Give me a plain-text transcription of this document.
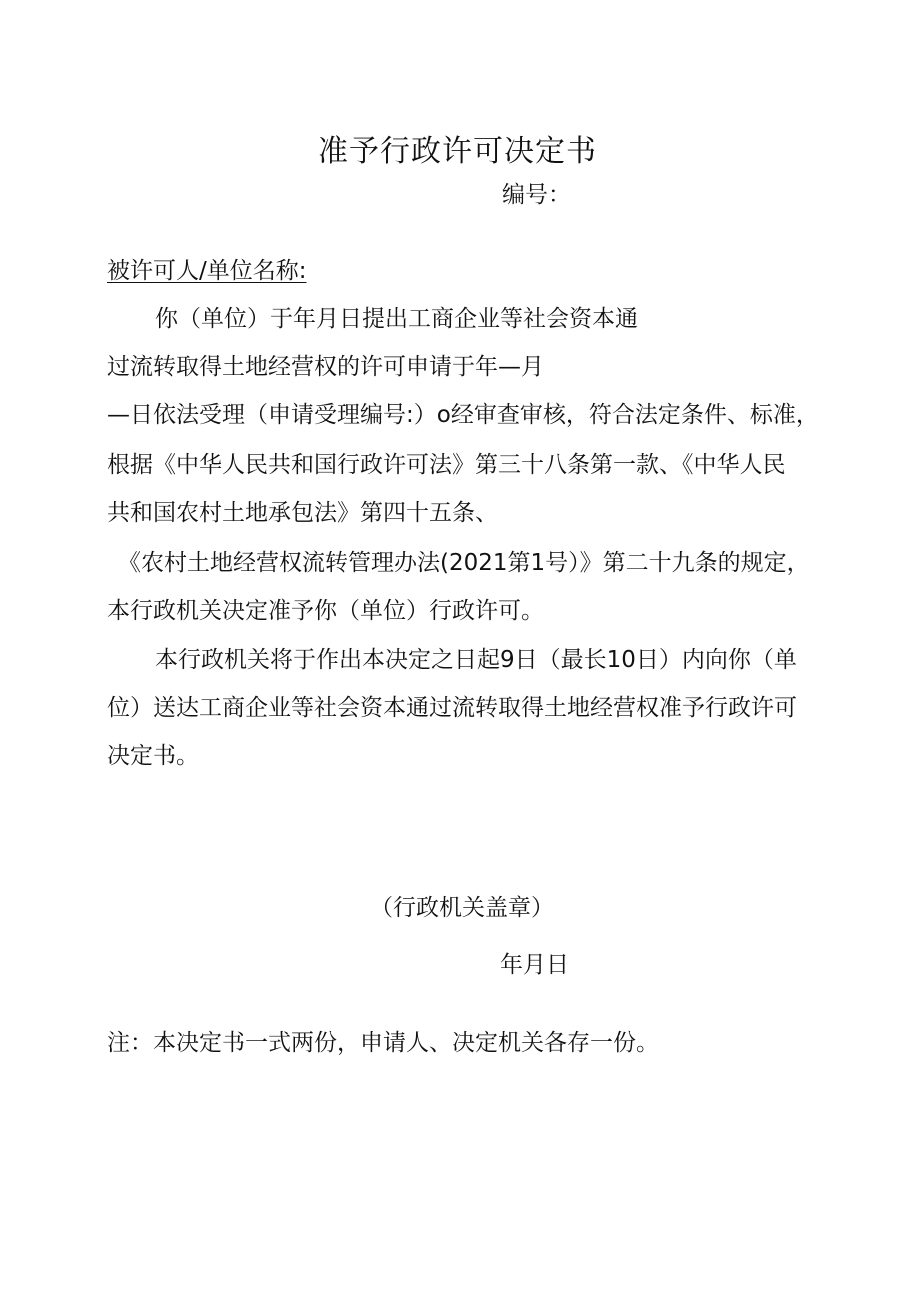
准予行政许可决定书
编号：
被许可人/单位名称:
你（单位）于年月日提出工商企业等社会资本通
过流转取得土地经营权的许可申请于年—月
—日依法受理（申请受理编号:）o经审查审核，符合法定条件、标准，
根据《中华人民共和国行政许可法》第三十八条第一款、《中华人民
共和国农村土地承包法》第四十五条、
《农村土地经营权流转管理办法(2021第1号）》第二十九条的规定，
本行政机关决定准予你（单位）行政许可。
本行政机关将于作出本决定之日起9日（最长10日）内向你（单
位）送达工商企业等社会资本通过流转取得土地经营权准予行政许可
决定书。
（行政机关盖章）
年月日
注：本决定书一式两份，申请人、决定机关各存一份。
